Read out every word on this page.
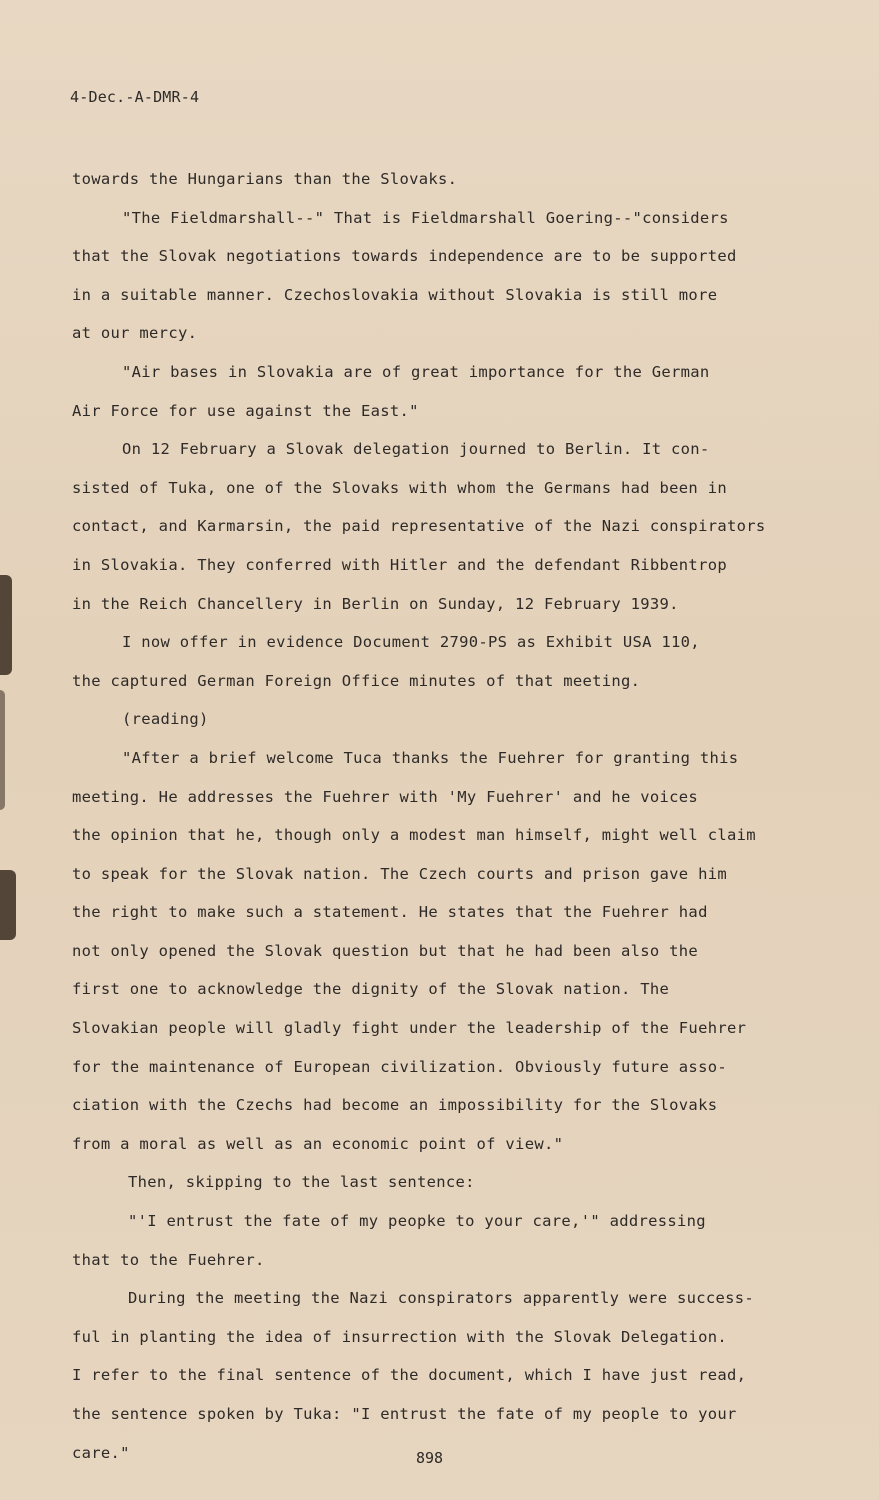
4-Dec.-A-DMR-4
towards the Hungarians than the Slovaks.
"The Fieldmarshall--" That is Fieldmarshall Goering--"considers
that the Slovak negotiations towards independence are to be supported
in a suitable manner. Czechoslovakia without Slovakia is still more
at our mercy.
"Air bases in Slovakia are of great importance for the German
Air Force for use against the East."
On 12 February a Slovak delegation journed to Berlin. It con-
sisted of Tuka, one of the Slovaks with whom the Germans had been in
contact, and Karmarsin, the paid representative of the Nazi conspirators
in Slovakia. They conferred with Hitler and the defendant Ribbentrop
in the Reich Chancellery in Berlin on Sunday, 12 February 1939.
I now offer in evidence Document 2790-PS as Exhibit USA 110,
the captured German Foreign Office minutes of that meeting.
(reading)
"After a brief welcome Tuca thanks the Fuehrer for granting this
meeting. He addresses the Fuehrer with 'My Fuehrer' and he voices
the opinion that he, though only a modest man himself, might well claim
to speak for the Slovak nation. The Czech courts and prison gave him
the right to make such a statement. He states that the Fuehrer had
not only opened the Slovak question but that he had been also the
first one to acknowledge the dignity of the Slovak nation. The
Slovakian people will gladly fight under the leadership of the Fuehrer
for the maintenance of European civilization. Obviously future asso-
ciation with the Czechs had become an impossibility for the Slovaks
from a moral as well as an economic point of view."
Then, skipping to the last sentence:
"'I entrust the fate of my peopke to your care,'" addressing
that to the Fuehrer.
During the meeting the Nazi conspirators apparently were success-
ful in planting the idea of insurrection with the Slovak Delegation.
I refer to the final sentence of the document, which I have just read,
the sentence spoken by Tuka: "I entrust the fate of my people to your
care."	898
